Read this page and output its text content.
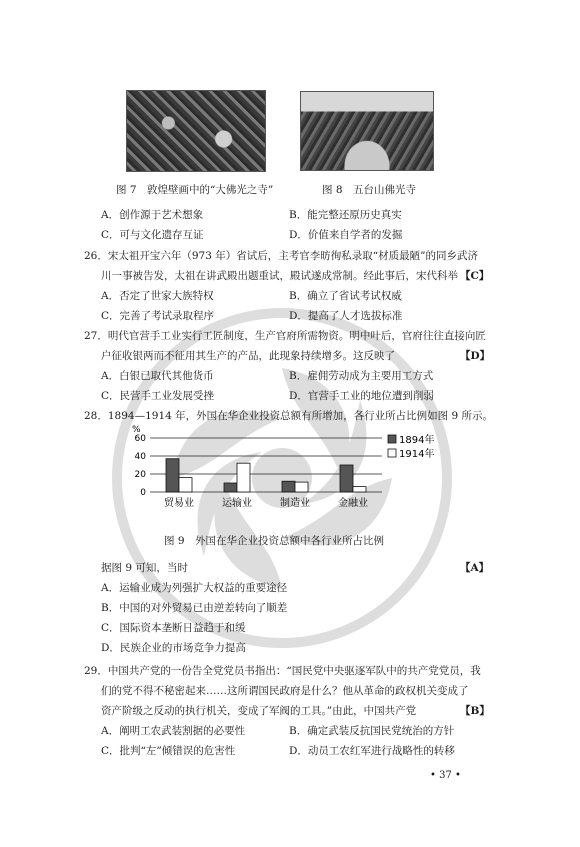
图 7　敦煌壁画中的“大佛光之寺”	图 8　五台山佛光寺
A．创作源于艺术想象	B．能完整还原历史真实
C．可与文化遗存互证	D．价值来自学者的发掘
26．宋太祖开宝六年（973 年）省试后，主考官李昉徇私录取“材质最陋”的同乡武济
川一事被告发，太祖在讲武殿出题重试，殿试遂成常制。经此事后，宋代科举 【C】
A．否定了世家大族特权	B．确立了省试考试权威
C．完善了考试录取程序	D．提高了人才选拔标准
27．明代官营手工业实行工匠制度，生产官府所需物资。明中叶后，官府往往直接向匠
户征收银两而不征用其生产的产品，此现象持续增多。这反映了	【D】
A．白银已取代其他货币	B．雇佣劳动成为主要用工方式
C．民营手工业发展受挫	D．官营手工业的地位遭到削弱
28．1894—1914 年，外国在华企业投资总额有所增加，各行业所占比例如图 9 所示。
%
0
20
40
60
贸易业	运输业	制造业	金融业
1894年
1914年
图 9　外国在华企业投资总额中各行业所占比例
据图 9 可知，当时	【A】
A．运输业成为列强扩大权益的重要途径
B．中国的对外贸易已由逆差转向了顺差
C．国际资本垄断日益趋于和缓
D．民族企业的市场竞争力提高
29．中国共产党的一份告全党党员书指出：“国民党中央驱逐军队中的共产党党员，我
们的党不得不秘密起来……这所谓国民政府是什么？他从革命的政权机关变成了
资产阶级之反动的执行机关，变成了军阀的工具。”由此，中国共产党	【B】
A．阐明工农武装割据的必要性	B．确定武装反抗国民党统治的方针
C．批判“左”倾错误的危害性	D．动员工农红军进行战略性的转移
• 37 •
